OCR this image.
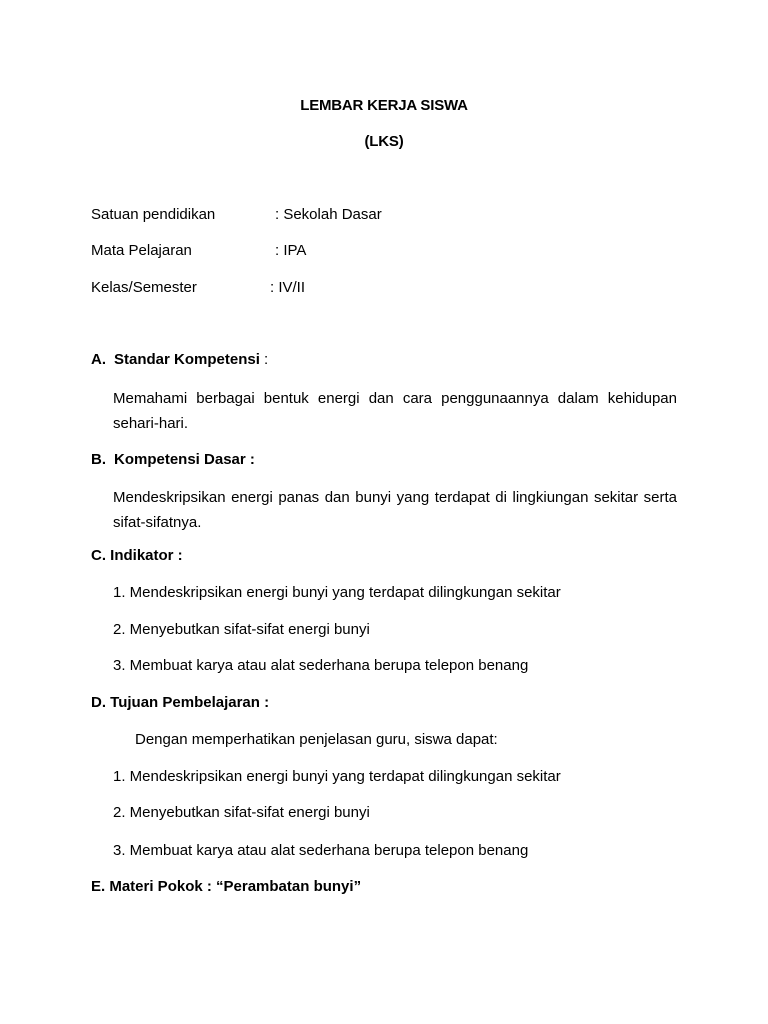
LEMBAR KERJA SISWA
(LKS)
Satuan pendidikan	: Sekolah Dasar
Mata Pelajaran	: IPA
Kelas/Semester	: IV/II
A. Standar Kompetensi :
Memahami berbagai bentuk energi dan cara penggunaannya dalam kehidupan sehari-hari.
B. Kompetensi Dasar :
Mendeskripsikan energi panas dan bunyi yang terdapat di lingkiungan sekitar serta sifat-sifatnya.
C. Indikator :
1. Mendeskripsikan energi bunyi yang terdapat dilingkungan sekitar
2. Menyebutkan sifat-sifat energi bunyi
3. Membuat karya atau alat sederhana berupa telepon benang
D. Tujuan Pembelajaran :
Dengan memperhatikan penjelasan guru, siswa dapat:
1. Mendeskripsikan energi bunyi yang terdapat dilingkungan sekitar
2. Menyebutkan sifat-sifat energi bunyi
3. Membuat karya atau alat sederhana berupa telepon benang
E. Materi Pokok : “Perambatan bunyi”
